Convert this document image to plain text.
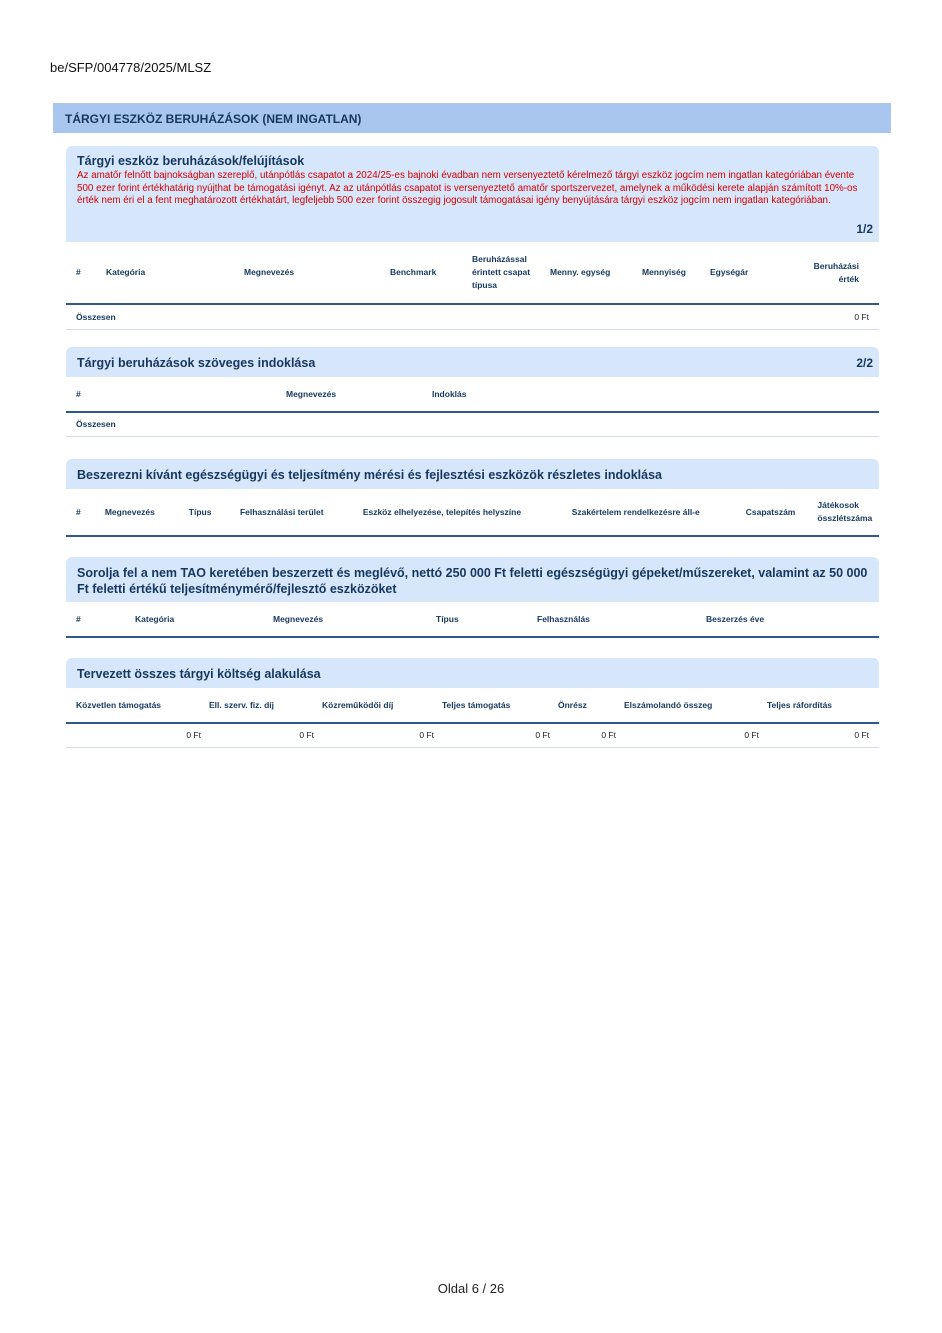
be/SFP/004778/2025/MLSZ
TÁRGYI ESZKÖZ BERUHÁZÁSOK (NEM INGATLAN)
Tárgyi eszköz beruházások/felújítások
Az amatőr felnőtt bajnokságban szereplő, utánpótlás csapatot a 2024/25-es bajnoki évadban nem versenyeztető kérelmező tárgyi eszköz jogcím nem ingatlan kategóriában évente 500 ezer forint értékhatárig nyújthat be támogatási igényt. Az az utánpótlás csapatot is versenyeztető amatőr sportszervezet, amelynek a működési kerete alapján számított 10%-os érték nem éri el a fent meghatározott értékhatárt, legfeljebb 500 ezer forint összegig jogosult támogatásai igény benyújtására tárgyi eszköz jogcím nem ingatlan kategóriában.
1/2
#	Kategória	Megnevezés	Benchmark	Beruházással érintett csapat típusa	Menny. egység	Mennyiség	Egységár	Beruházási érték
Összesen								0 Ft
Tárgyi beruházások szöveges indoklása	2/2
#	Megnevezés	Indoklás
Összesen
Beszerezni kívánt egészségügyi és teljesítmény mérési és fejlesztési eszközök részletes indoklása
#	Megnevezés	Típus	Felhasználási terület	Eszköz elhelyezése, telepítés helyszíne	Szakértelem rendelkezésre áll-e	Csapatszám	Játékosok összlétszáma
Sorolja fel a nem TAO keretében beszerzett és meglévő, nettó 250 000 Ft feletti egészségügyi gépeket/műszereket, valamint az 50 000 Ft feletti értékű teljesítménymérő/fejlesztő eszközöket
#	Kategória	Megnevezés	Típus	Felhasználás	Beszerzés éve
Tervezett összes tárgyi költség alakulása
Közvetlen támogatás	Ell. szerv. fiz. díj	Közreműködői díj	Teljes támogatás	Önrész	Elszámolandó összeg	Teljes ráfordítás
0 Ft	0 Ft	0 Ft	0 Ft	0 Ft	0 Ft	0 Ft
Oldal 6 / 26
